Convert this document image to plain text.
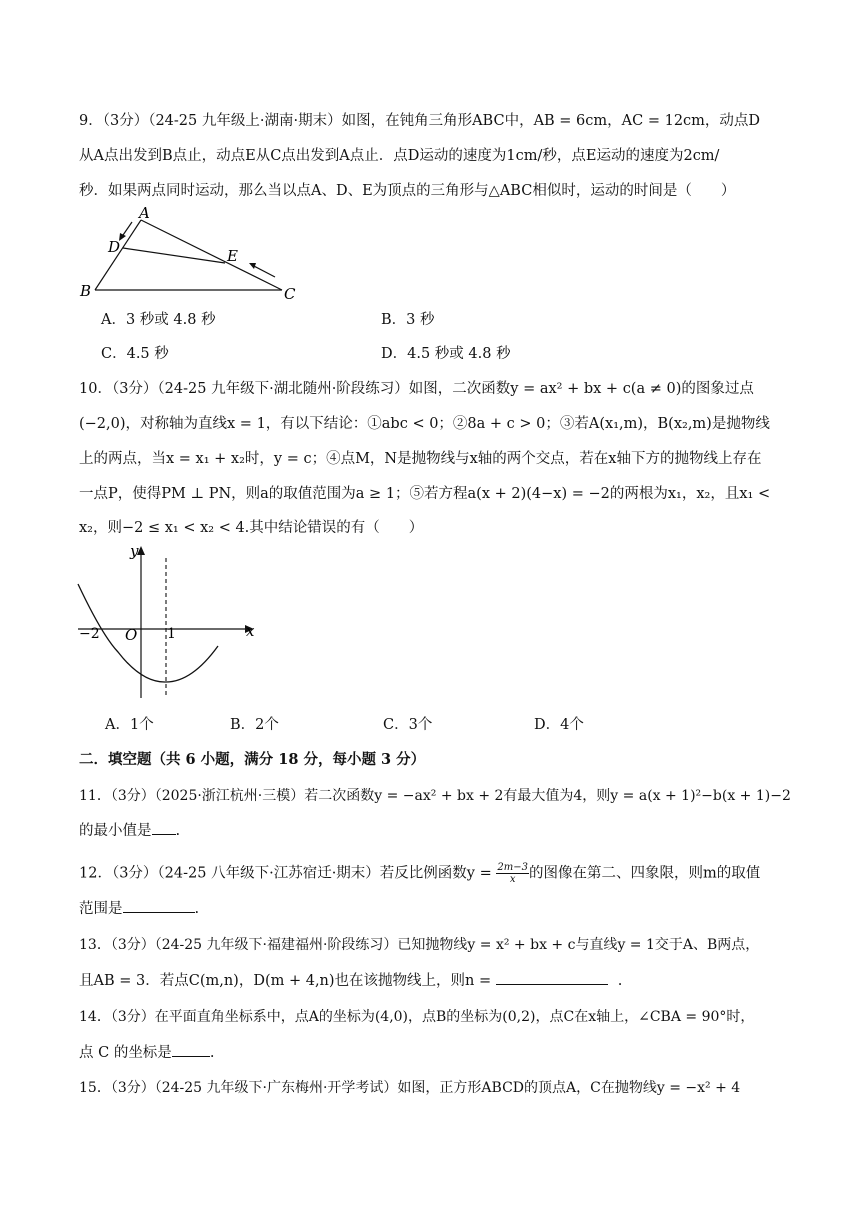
9．（3分）（24-25 九年级上·湖南·期末）如图，在钝角三角形ABC中，AB = 6cm，AC = 12cm，动点D
从A点出发到B点止，动点E从C点出发到A点止．点D运动的速度为1cm/秒，点E运动的速度为2cm/
秒．如果两点同时运动，那么当以点A、D、E为顶点的三角形与△ABC相似时，运动的时间是（　　）
A
B	C
D	E
A．3 秒或 4.8 秒	B．3 秒
C．4.5 秒	D．4.5 秒或 4.8 秒
10．（3分）（24-25 九年级下·湖北随州·阶段练习）如图，二次函数y = ax² + bx + c(a ≠ 0)的图象过点
(−2,0)，对称轴为直线x = 1，有以下结论：①abc < 0；②8a + c > 0；③若A(x₁,m)，B(x₂,m)是抛物线
上的两点，当x = x₁ + x₂时，y = c；④点M，N是抛物线与x轴的两个交点，若在x轴下方的抛物线上存在
一点P，使得PM ⊥ PN，则a的取值范围为a ≥ 1；⑤若方程a(x + 2)(4−x) = −2的两根为x₁，x₂，且x₁ <
x₂，则−2 ≤ x₁ < x₂ < 4.其中结论错误的有（　　）
y
x
O
−2	1
A．1个	B．2个	C．3个	D．4个
二．填空题（共 6 小题，满分 18 分，每小题 3 分）
11．（3分）（2025·浙江杭州·三模）若二次函数y = −ax² + bx + 2有最大值为4，则y = a(x + 1)²−b(x + 1)−2
的最小值是 .
12．（3分）（24-25 八年级下·江苏宿迁·期末）若反比例函数$y = \frac{2m-3}{x}$ 的图像在第二、四象限，则m的取值
范围是	.
13．（3分）（24-25 九年级下·福建福州·阶段练习）已知抛物线y = x² + bx + c与直线y = 1交于A、B两点，
且AB = 3．若点C(m,n)，D(m + 4,n)也在该抛物线上，则n =	.
14．（3分）在平面直角坐标系中，点A的坐标为(4,0)，点B的坐标为(0,2)，点C在x轴上，∠CBA = 90°时，
点 C 的坐标是	.
15．（3分）（24-25 九年级下·广东梅州·开学考试）如图，正方形ABCD的顶点A，C在抛物线y = −x² + 4
